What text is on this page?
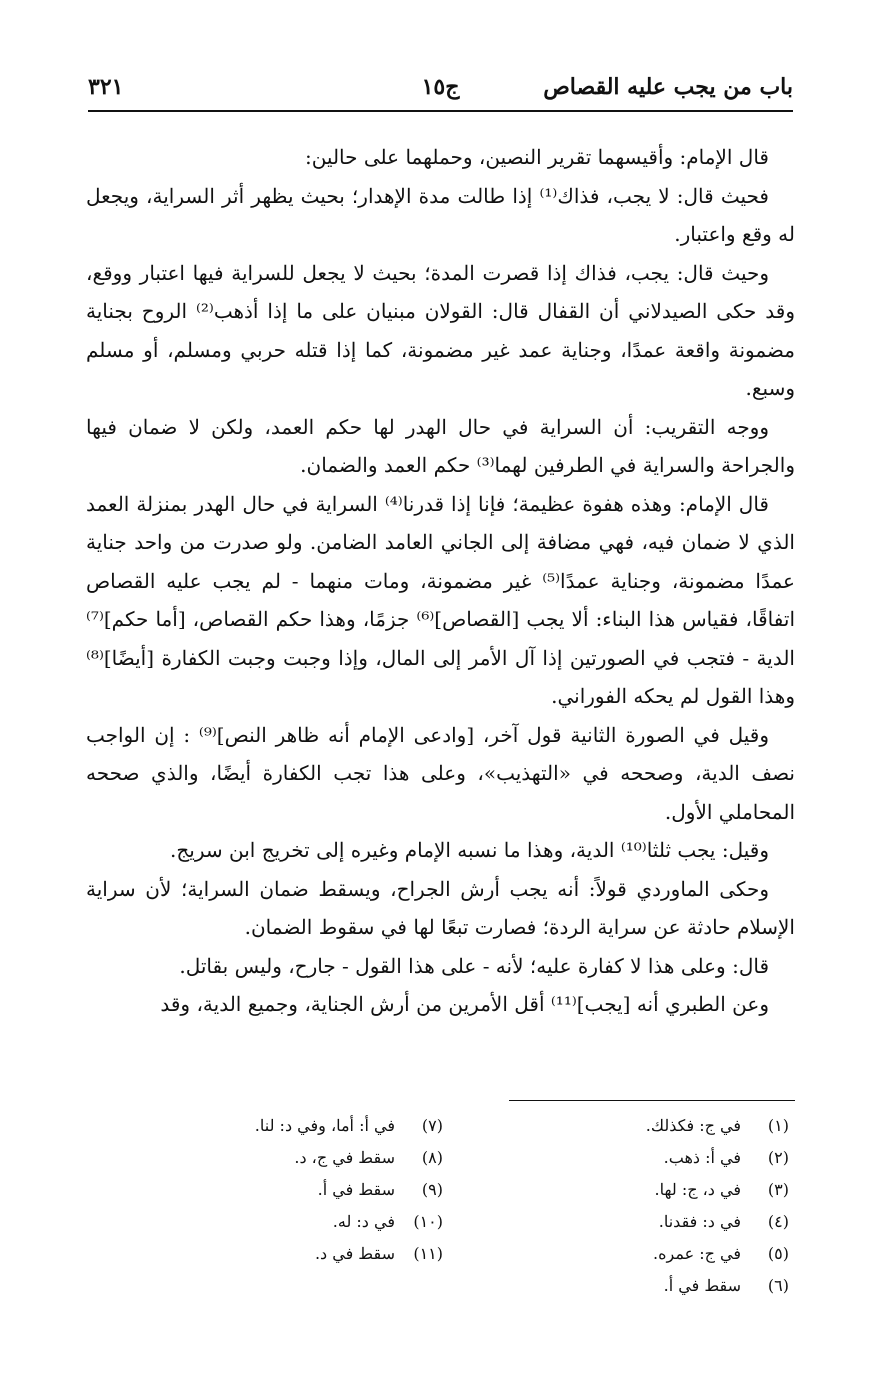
باب من يجب عليه القصاص
ج١٥
٣٢١

قال الإمام: وأقيسهما تقرير النصين، وحملهما على حالين:

فحيث قال: لا يجب، فذاك⁽¹⁾ إذا طالت مدة الإهدار؛ بحيث يظهر أثر السراية، ويجعل له وقع واعتبار.

وحيث قال: يجب، فذاك إذا قصرت المدة؛ بحيث لا يجعل للسراية فيها اعتبار ووقع، وقد حكى الصيدلاني أن القفال قال: القولان مبنيان على ما إذا أذهب⁽²⁾ الروح بجناية مضمونة واقعة عمدًا، وجناية عمد غير مضمونة، كما إذا قتله حربي ومسلم، أو مسلم وسبع.

ووجه التقريب: أن السراية في حال الهدر لها حكم العمد، ولكن لا ضمان فيها والجراحة والسراية في الطرفين لهما⁽³⁾ حكم العمد والضمان.

قال الإمام: وهذه هفوة عظيمة؛ فإنا إذا قدرنا⁽⁴⁾ السراية في حال الهدر بمنزلة العمد الذي لا ضمان فيه، فهي مضافة إلى الجاني العامد الضامن. ولو صدرت من واحد جناية عمدًا مضمونة، وجناية عمدًا⁽⁵⁾ غير مضمونة، ومات منهما - لم يجب عليه القصاص اتفاقًا، فقياس هذا البناء: ألا يجب [القصاص]⁽⁶⁾ جزمًا، وهذا حكم القصاص، [أما حكم]⁽⁷⁾ الدية - فتجب في الصورتين إذا آل الأمر إلى المال، وإذا وجبت وجبت الكفارة [أيضًا]⁽⁸⁾ وهذا القول لم يحكه الفوراني.

وقيل في الصورة الثانية قول آخر، [وادعى الإمام أنه ظاهر النص]⁽⁹⁾ : إن الواجب نصف الدية، وصححه في «التهذيب»، وعلى هذا تجب الكفارة أيضًا، والذي صححه المحاملي الأول.

وقيل: يجب ثلثا⁽¹⁰⁾ الدية، وهذا ما نسبه الإمام وغيره إلى تخريج ابن سريج.

وحكى الماوردي قولاً: أنه يجب أرش الجراح، ويسقط ضمان السراية؛ لأن سراية الإسلام حادثة عن سراية الردة؛ فصارت تبعًا لها في سقوط الضمان.

قال: وعلى هذا لا كفارة عليه؛ لأنه - على هذا القول - جارح، وليس بقاتل.

وعن الطبري أنه [يجب]⁽¹¹⁾ أقل الأمرين من أرش الجناية، وجميع الدية، وقد

(١)في ج: فكذلك.
(٢)في أ: ذهب.
(٣)في د، ج: لها.
(٤)في د: فقدنا.
(٥)في ج: عمره.
(٦)سقط في أ.
(٧)في أ: أما، وفي د: لنا.
(٨)سقط في ج، د.
(٩)سقط في أ.
(١٠)في د: له.
(١١)سقط في د.
